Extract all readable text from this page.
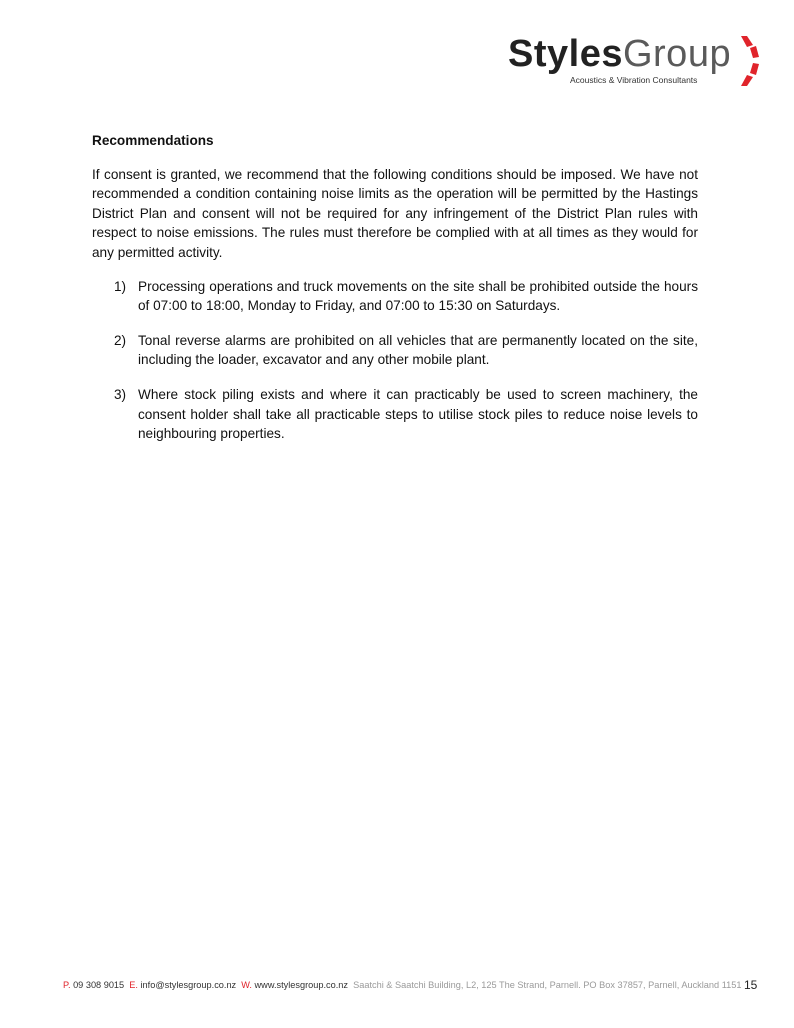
StylesGroup
Acoustics & Vibration Consultants

Recommendations

If consent is granted, we recommend that the following conditions should be imposed. We have not recommended a condition containing noise limits as the operation will be permitted by the Hastings District Plan and consent will not be required for any infringement of the District Plan rules with respect to noise emissions. The rules must therefore be complied with at all times as they would for any permitted activity.

1) Processing operations and truck movements on the site shall be prohibited outside the hours of 07:00 to 18:00, Monday to Friday, and 07:00 to 15:30 on Saturdays.
2) Tonal reverse alarms are prohibited on all vehicles that are permanently located on the site, including the loader, excavator and any other mobile plant.
3) Where stock piling exists and where it can practicably be used to screen machinery, the consent holder shall take all practicable steps to utilise stock piles to reduce noise levels to neighbouring properties.
P. 09 308 9015 E. info@stylesgroup.co.nz W. www.stylesgroup.co.nz Saatchi & Saatchi Building, L2, 125 The Strand, Parnell. PO Box 37857, Parnell, Auckland 1151 15
